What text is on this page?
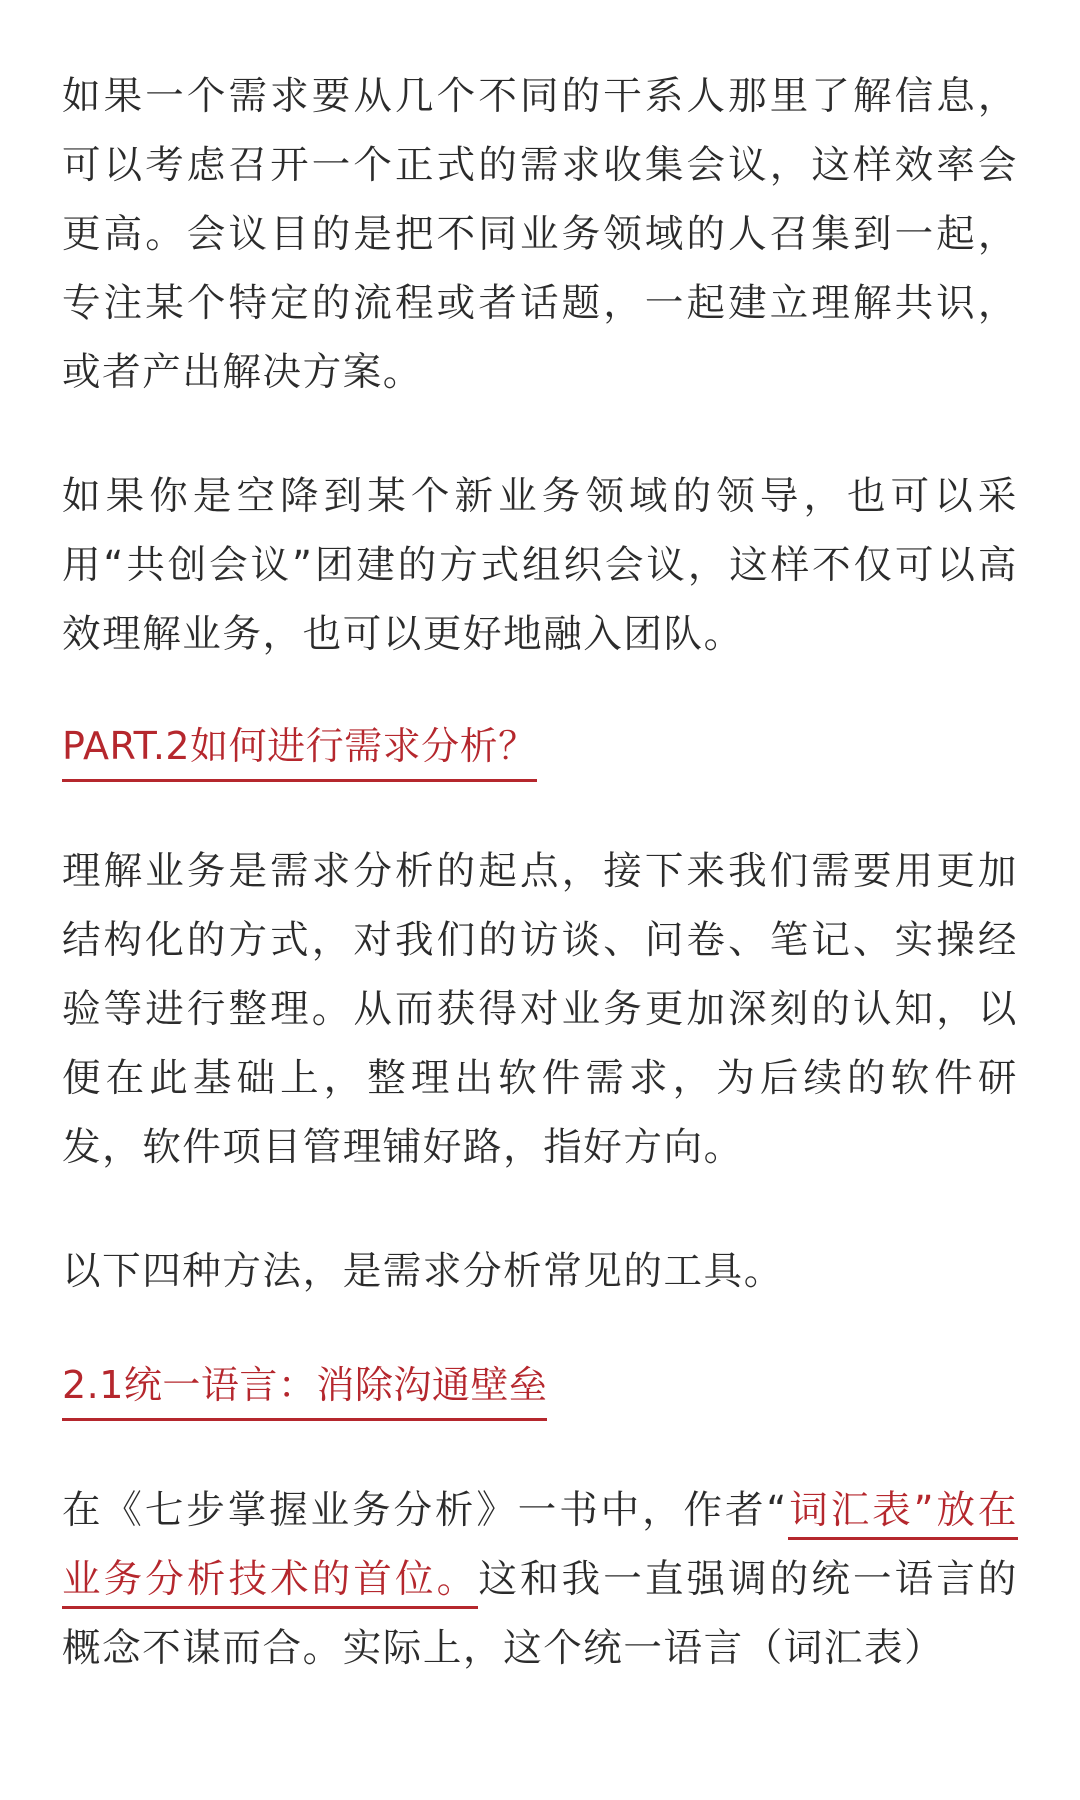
如果一个需求要从几个不同的干系人那里了解信息，可以考虑召开一个正式的需求收集会议，这样效率会更高。会议目的是把不同业务领域的人召集到一起，专注某个特定的流程或者话题，一起建立理解共识，或者产出解决方案。

如果你是空降到某个新业务领域的领导，也可以采用“共创会议”团建的方式组织会议，这样不仅可以高效理解业务，也可以更好地融入团队。

PART.2如何进行需求分析？

理解业务是需求分析的起点，接下来我们需要用更加结构化的方式，对我们的访谈、问卷、笔记、实操经验等进行整理。从而获得对业务更加深刻的认知，以便在此基础上，整理出软件需求，为后续的软件研发，软件项目管理铺好路，指好方向。

以下四种方法，是需求分析常见的工具。

2.1统一语言：消除沟通壁垒

在《七步掌握业务分析》一书中，作者“词汇表”放在业务分析技术的首位。这和我一直强调的统一语言的概念不谋而合。实际上，这个统一语言（词汇表）
